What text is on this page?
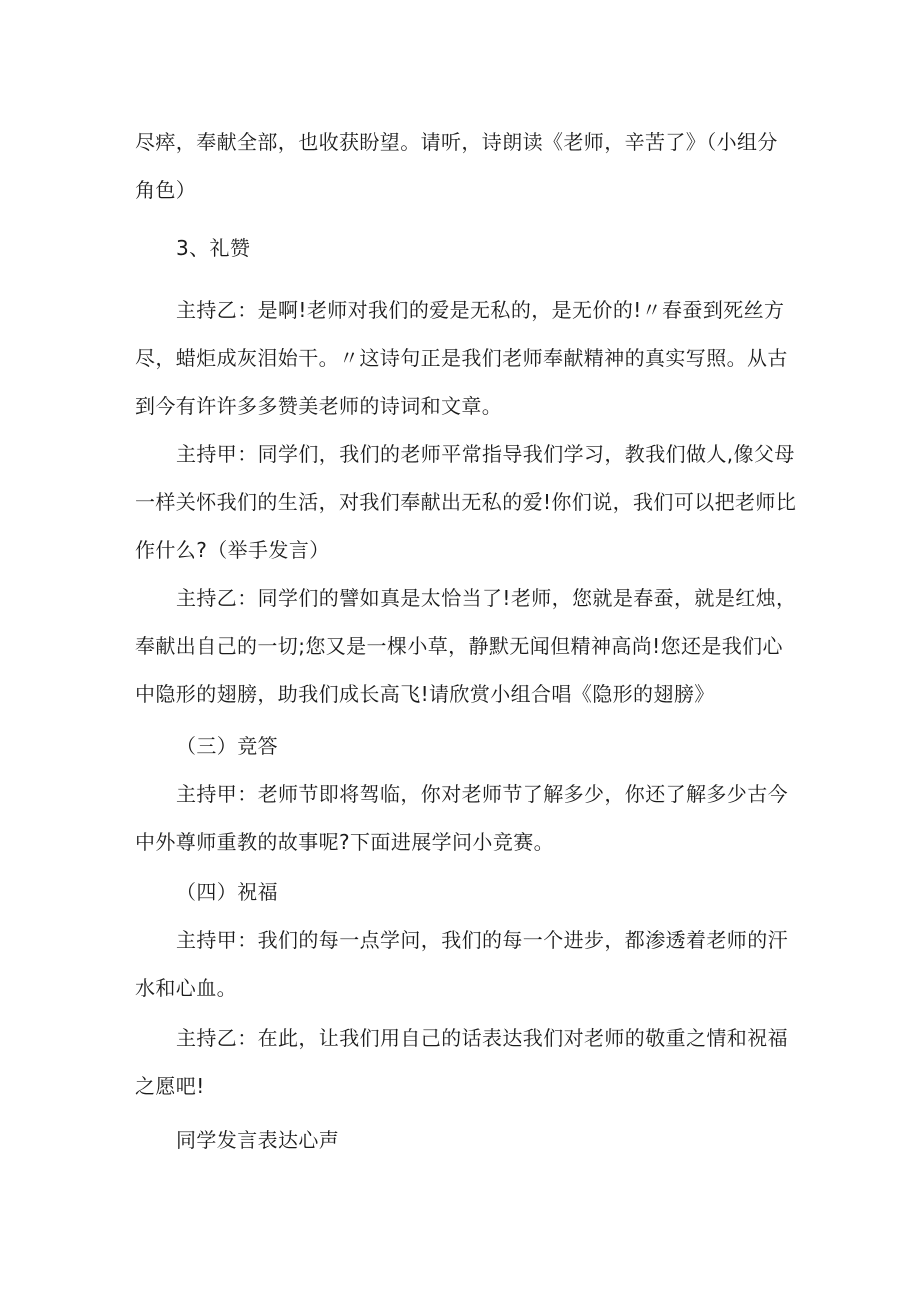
尽瘁，奉献全部，也收获盼望。请听，诗朗读《老师，辛苦了》（小组分
角色）
3、礼赞
主持乙：是啊!老师对我们的爱是无私的，是无价的!〃春蚕到死丝方
尽，蜡炬成灰泪始干。〃这诗句正是我们老师奉献精神的真实写照。从古
到今有许许多多赞美老师的诗词和文章。
主持甲：同学们，我们的老师平常指导我们学习，教我们做人,像父母
一样关怀我们的生活，对我们奉献出无私的爱!你们说，我们可以把老师比
作什么?（举手发言）
主持乙：同学们的譬如真是太恰当了!老师，您就是春蚕，就是红烛，
奉献出自己的一切;您又是一棵小草，静默无闻但精神高尚!您还是我们心
中隐形的翅膀，助我们成长高飞!请欣赏小组合唱《隐形的翅膀》
（三）竞答
主持甲：老师节即将驾临，你对老师节了解多少，你还了解多少古今
中外尊师重教的故事呢?下面进展学问小竞赛。
（四）祝福
主持甲：我们的每一点学问，我们的每一个进步，都渗透着老师的汗
水和心血。
主持乙：在此，让我们用自己的话表达我们对老师的敬重之情和祝福
之愿吧!
同学发言表达心声
